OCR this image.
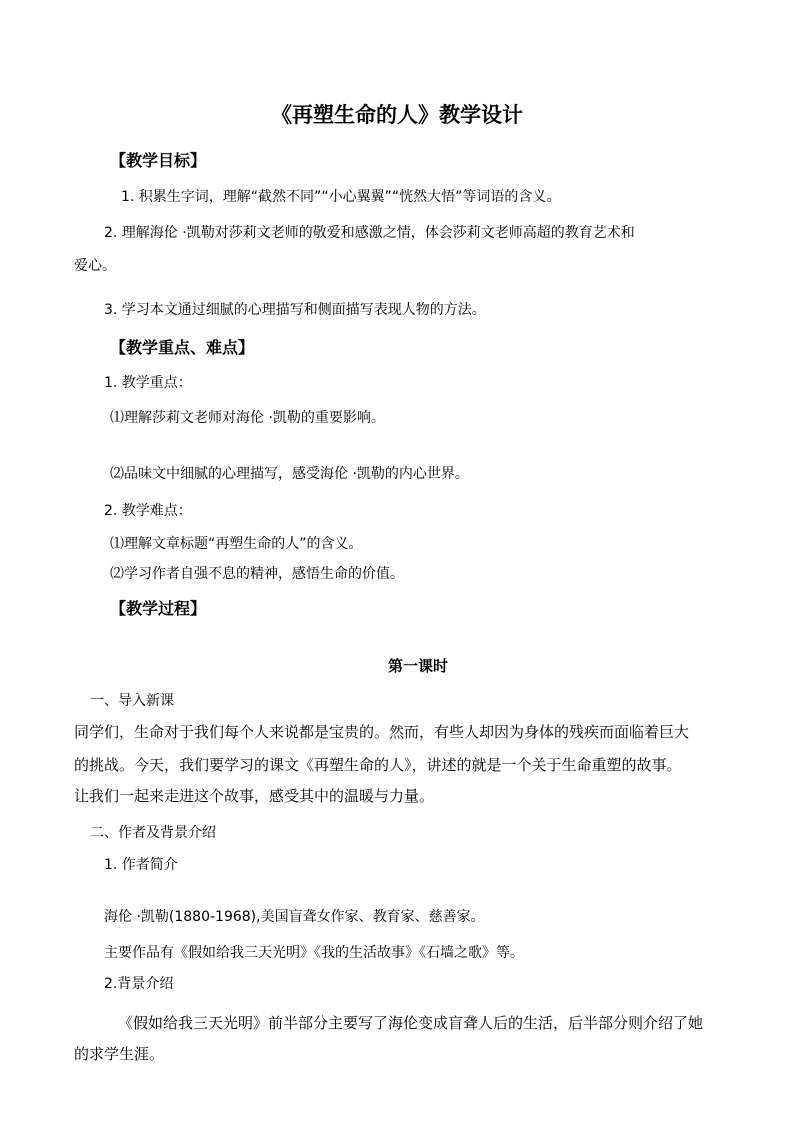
《再塑生命的人》教学设计
【教学目标】
1. 积累生字词，理解“截然不同”“小心翼翼”“恍然大悟”等词语的含义。
2. 理解海伦 ·凯勒对莎莉文老师的敬爱和感激之情，体会莎莉文老师高超的教育艺术和
爱心。
3. 学习本文通过细腻的心理描写和侧面描写表现人物的方法。
【教学重点、难点】
1. 教学重点：
⑴理解莎莉文老师对海伦 ·凯勒的重要影响。
⑵品味文中细腻的心理描写，感受海伦 ·凯勒的内心世界。
2. 教学难点：
⑴理解文章标题“再塑生命的人”的含义。
⑵学习作者自强不息的精神，感悟生命的价值。
【教学过程】
第一课时
一、导入新课
同学们，生命对于我们每个人来说都是宝贵的。然而，有些人却因为身体的残疾而面临着巨大
的挑战。今天，我们要学习的课文《再塑生命的人》，讲述的就是一个关于生命重塑的故事。
让我们一起来走进这个故事，感受其中的温暖与力量。
二、作者及背景介绍
1. 作者简介
海伦 ·凯勒(1880-1968),美国盲聋女作家、教育家、慈善家。
主要作品有《假如给我三天光明》《我的生活故事》《石墙之歌》等。
2.背景介绍
《假如给我三天光明》前半部分主要写了海伦变成盲聋人后的生活，后半部分则介绍了她
的求学生涯。
